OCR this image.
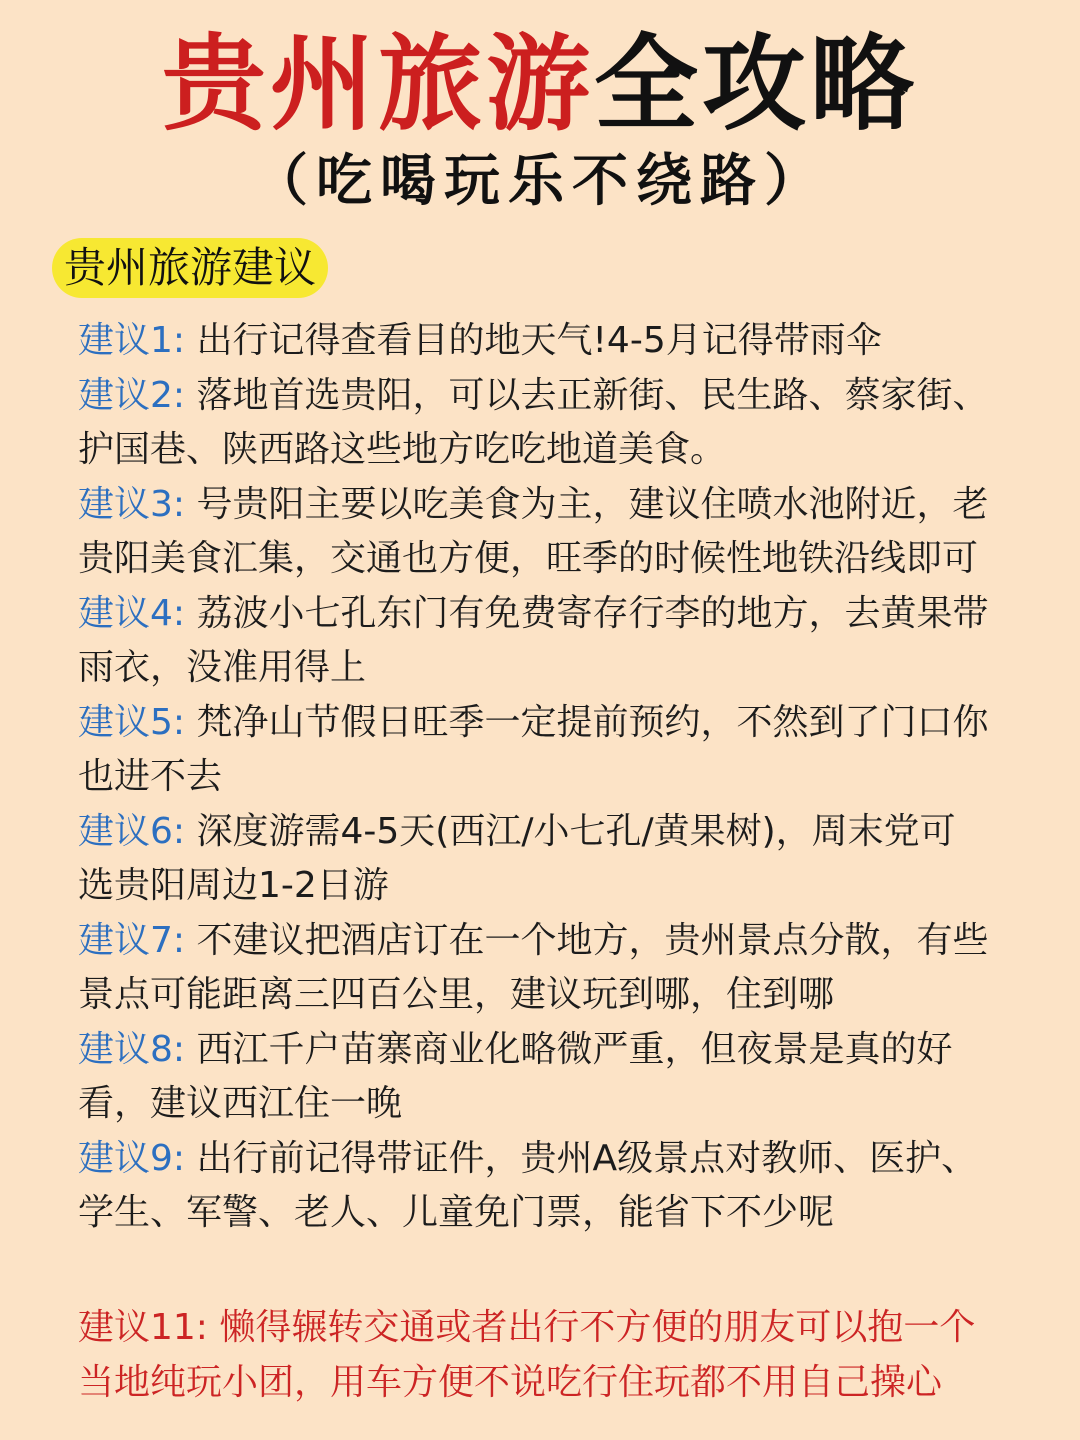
贵州旅游全攻略
（吃喝玩乐不绕路）
贵州旅游建议
建议1: 出行记得查看目的地天气!4-5月记得带雨伞
建议2: 落地首选贵阳，可以去正新街、民生路、蔡家街、
护国巷、陕西路这些地方吃吃地道美食。
建议3: 号贵阳主要以吃美食为主，建议住喷水池附近，老
贵阳美食汇集，交通也方便，旺季的时候性地铁沿线即可
建议4: 荔波小七孔东门有免费寄存行李的地方，去黄果带
雨衣，没准用得上
建议5: 梵净山节假日旺季一定提前预约，不然到了门口你
也进不去
建议6: 深度游需4-5天(西江/小七孔/黄果树)，周末党可
选贵阳周边1-2日游
建议7: 不建议把酒店订在一个地方，贵州景点分散，有些
景点可能距离三四百公里，建议玩到哪，住到哪
建议8: 西江千户苗寨商业化略微严重，但夜景是真的好
看，建议西江住一晚
建议9: 出行前记得带证件，贵州A级景点对教师、医护、
学生、军警、老人、儿童免门票，能省下不少呢
建议11: 懒得辗转交通或者出行不方便的朋友可以抱一个
当地纯玩小团，用车方便不说吃行住玩都不用自己操心
